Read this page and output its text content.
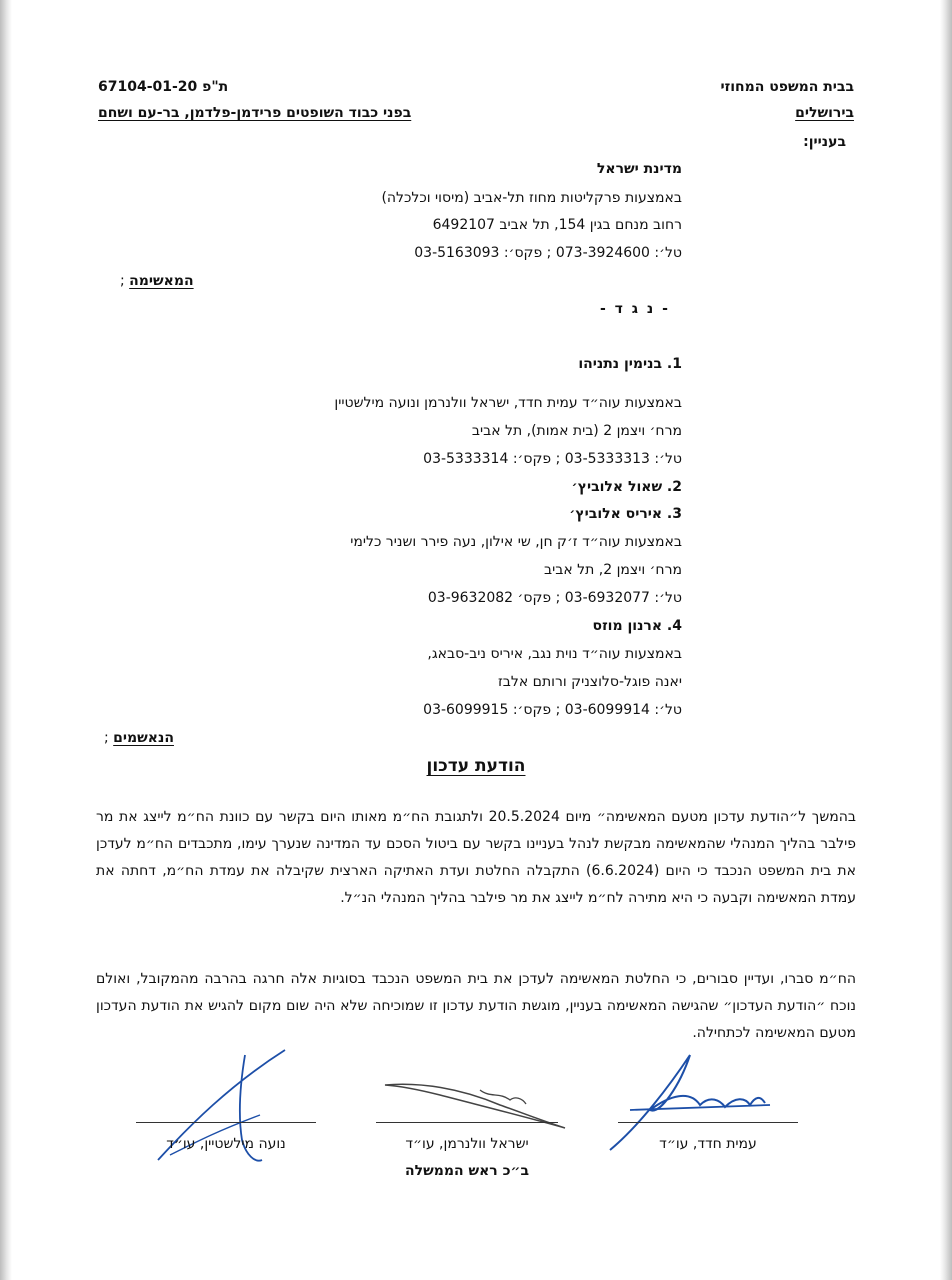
בבית המשפט המחוזי
בירושלים
בעניין:
ת"פ 67104-01-20
בפני כבוד השופטים פרידמן-פלדמן, בר-עם ושחם
מדינת ישראל
באמצעות פרקליטות מחוז תל-אביב (מיסוי וכלכלה)
רחוב מנחם בגין 154, תל אביב 6492107
טל׳: 073-3924600 ; פקס׳: 03-5163093
המאשימה ;
- נ ג ד -
1. בנימין נתניהו
באמצעות עוה״ד עמית חדד, ישראל וולנרמן ונועה מילשטיין
מרח׳ ויצמן 2 (בית אמות), תל אביב
טל׳: 03-5333313 ; פקס׳: 03-5333314
2. שאול אלוביץ׳
3. איריס אלוביץ׳
באמצעות עוה״ד ז׳ק חן, שי אילון, נעה פירר ושניר כלימי
מרח׳ ויצמן 2, תל אביב
טל׳: 03-6932077 ; פקס׳ 03-9632082
4. ארנון מוזס
באמצעות עוה״ד נוית נגב, איריס ניב-סבאג,
יאנה פוגל-סלוצניק ורותם אלבז
טל׳: 03-6099914 ; פקס׳: 03-6099915
הנאשמים ;
הודעת עדכון
בהמשך ל״הודעת עדכון מטעם המאשימה״ מיום 20.5.2024 ולתגובת הח״מ מאותו היום בקשר עם כוונת הח״מ לייצג את מר פילבר בהליך המנהלי שהמאשימה מבקשת לנהל בעניינו בקשר עם ביטול הסכם עד המדינה שנערך עימו, מתכבדים הח״מ לעדכן את בית המשפט הנכבד כי היום (6.6.2024) התקבלה החלטת ועדת האתיקה הארצית שקיבלה את עמדת הח״מ, דחתה את עמדת המאשימה וקבעה כי היא מתירה לח״מ לייצג את מר פילבר בהליך המנהלי הנ״ל.
הח״מ סברו, ועדיין סבורים, כי החלטת המאשימה לעדכן את בית המשפט הנכבד בסוגיות אלה חרגה בהרבה מהמקובל, ואולם נוכח ״הודעת העדכון״ שהגישה המאשימה בעניין, מוגשת הודעת עדכון זו שמוכיחה שלא היה שום מקום להגיש את הודעת העדכון מטעם המאשימה לכתחילה.
עמית חדד, עו״ד
ישראל וולנרמן, עו״ד
נועה מילשטיין, עו״ד
ב״כ ראש הממשלה
